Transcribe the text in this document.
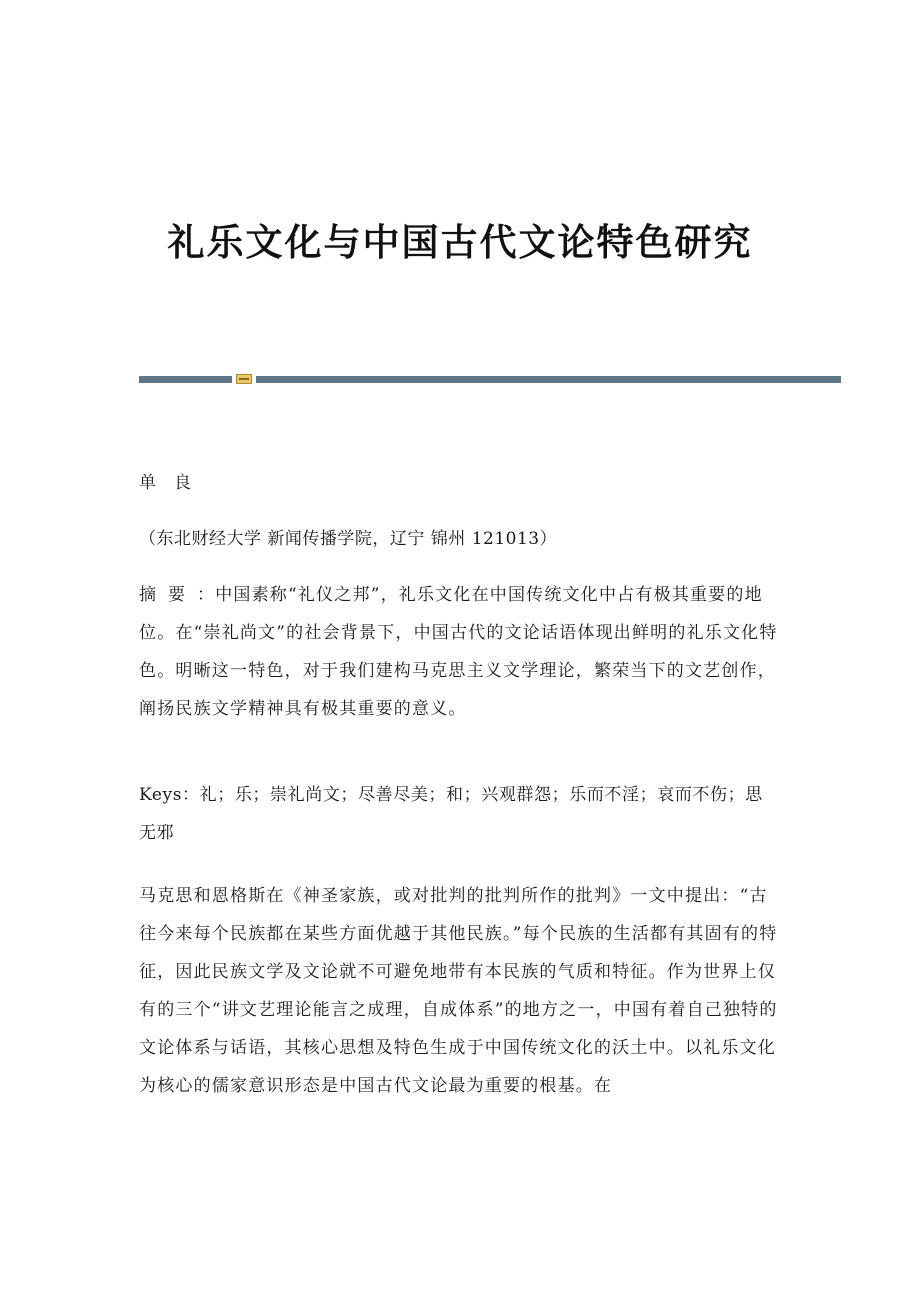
礼乐文化与中国古代文论特色研究

单良

（东北财经大学 新闻传播学院，辽宁 锦州 121013）

摘要：中国素称“礼仪之邦”，礼乐文化在中国传统文化中占有极其重要的地位。在“崇礼尚文”的社会背景下，中国古代的文论话语体现出鲜明的礼乐文化特色。明晰这一特色，对于我们建构马克思主义文学理论，繁荣当下的文艺创作，阐扬民族文学精神具有极其重要的意义。

Keys：礼；乐；崇礼尚文；尽善尽美；和；兴观群怨；乐而不淫；哀而不伤；思无邪

马克思和恩格斯在《神圣家族，或对批判的批判所作的批判》一文中提出：“古往今来每个民族都在某些方面优越于其他民族。”每个民族的生活都有其固有的特征，因此民族文学及文论就不可避免地带有本民族的气质和特征。作为世界上仅有的三个“讲文艺理论能言之成理，自成体系”的地方之一，中国有着自己独特的文论体系与话语，其核心思想及特色生成于中国传统文化的沃土中。以礼乐文化为核心的儒家意识形态是中国古代文论最为重要的根基。在
